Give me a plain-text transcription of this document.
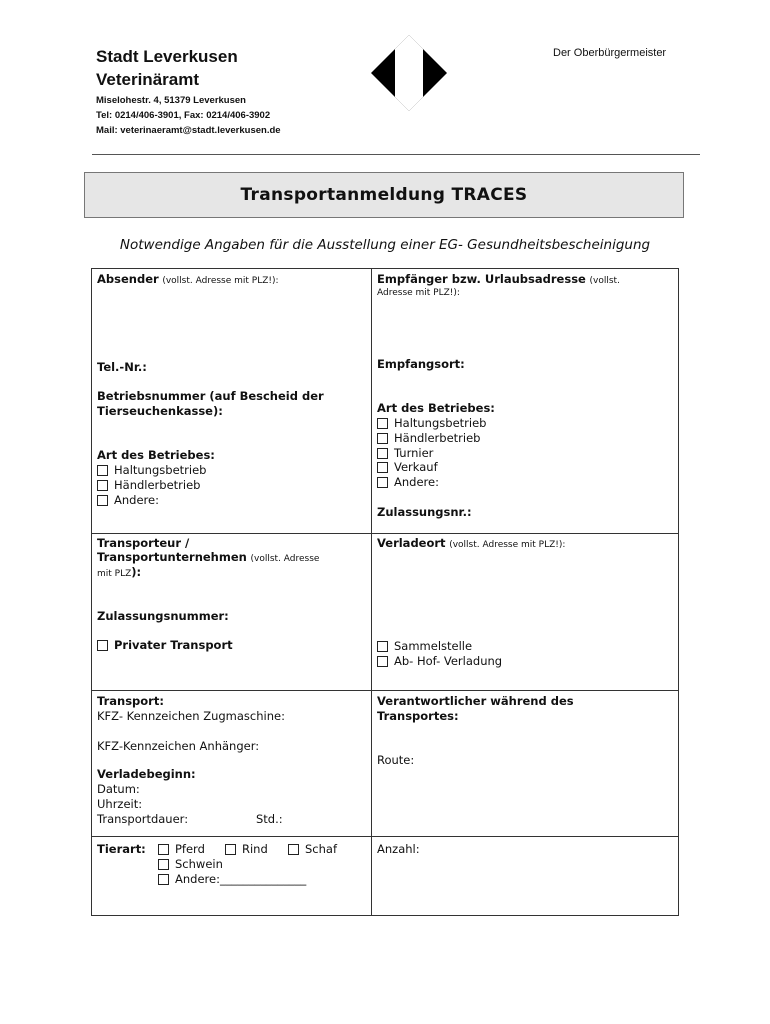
Stadt Leverkusen
Veterinäramt
Miselohestr. 4, 51379 Leverkusen
Tel: 0214/406-3901, Fax: 0214/406-3902
Mail: veterinaeramt@stadt.leverkusen.de
Der Oberbürgermeister
Transportanmeldung TRACES
Notwendige Angaben für die Ausstellung einer EG- Gesundheitsbescheinigung
Absender (vollst. Adresse mit PLZ!):
Tel.-Nr.:
Betriebsnummer (auf Bescheid der
Tierseuchenkasse):
Art des Betriebes:
Haltungsbetrieb
Händlerbetrieb
Andere:
Empfänger bzw. Urlaubsadresse (vollst.
Adresse mit PLZ!):
Empfangsort:
Art des Betriebes:
Haltungsbetrieb
Händlerbetrieb
Turnier
Verkauf
Andere:
Zulassungsnr.:
Transporteur /
Transportunternehmen (vollst. Adresse
mit PLZ):
Zulassungsnummer:
Privater Transport
Verladeort (vollst. Adresse mit PLZ!):
Sammelstelle
Ab- Hof- Verladung
Transport:
KFZ- Kennzeichen Zugmaschine:
KFZ-Kennzeichen Anhänger:
Verladebeginn:
Datum:
Uhrzeit:
Transportdauer:	Std.:
Verantwortlicher während des
Transportes:
Route:
Tierart:	Pferd	Rind	Schaf
Schwein
Andere:_______________
Anzahl:
